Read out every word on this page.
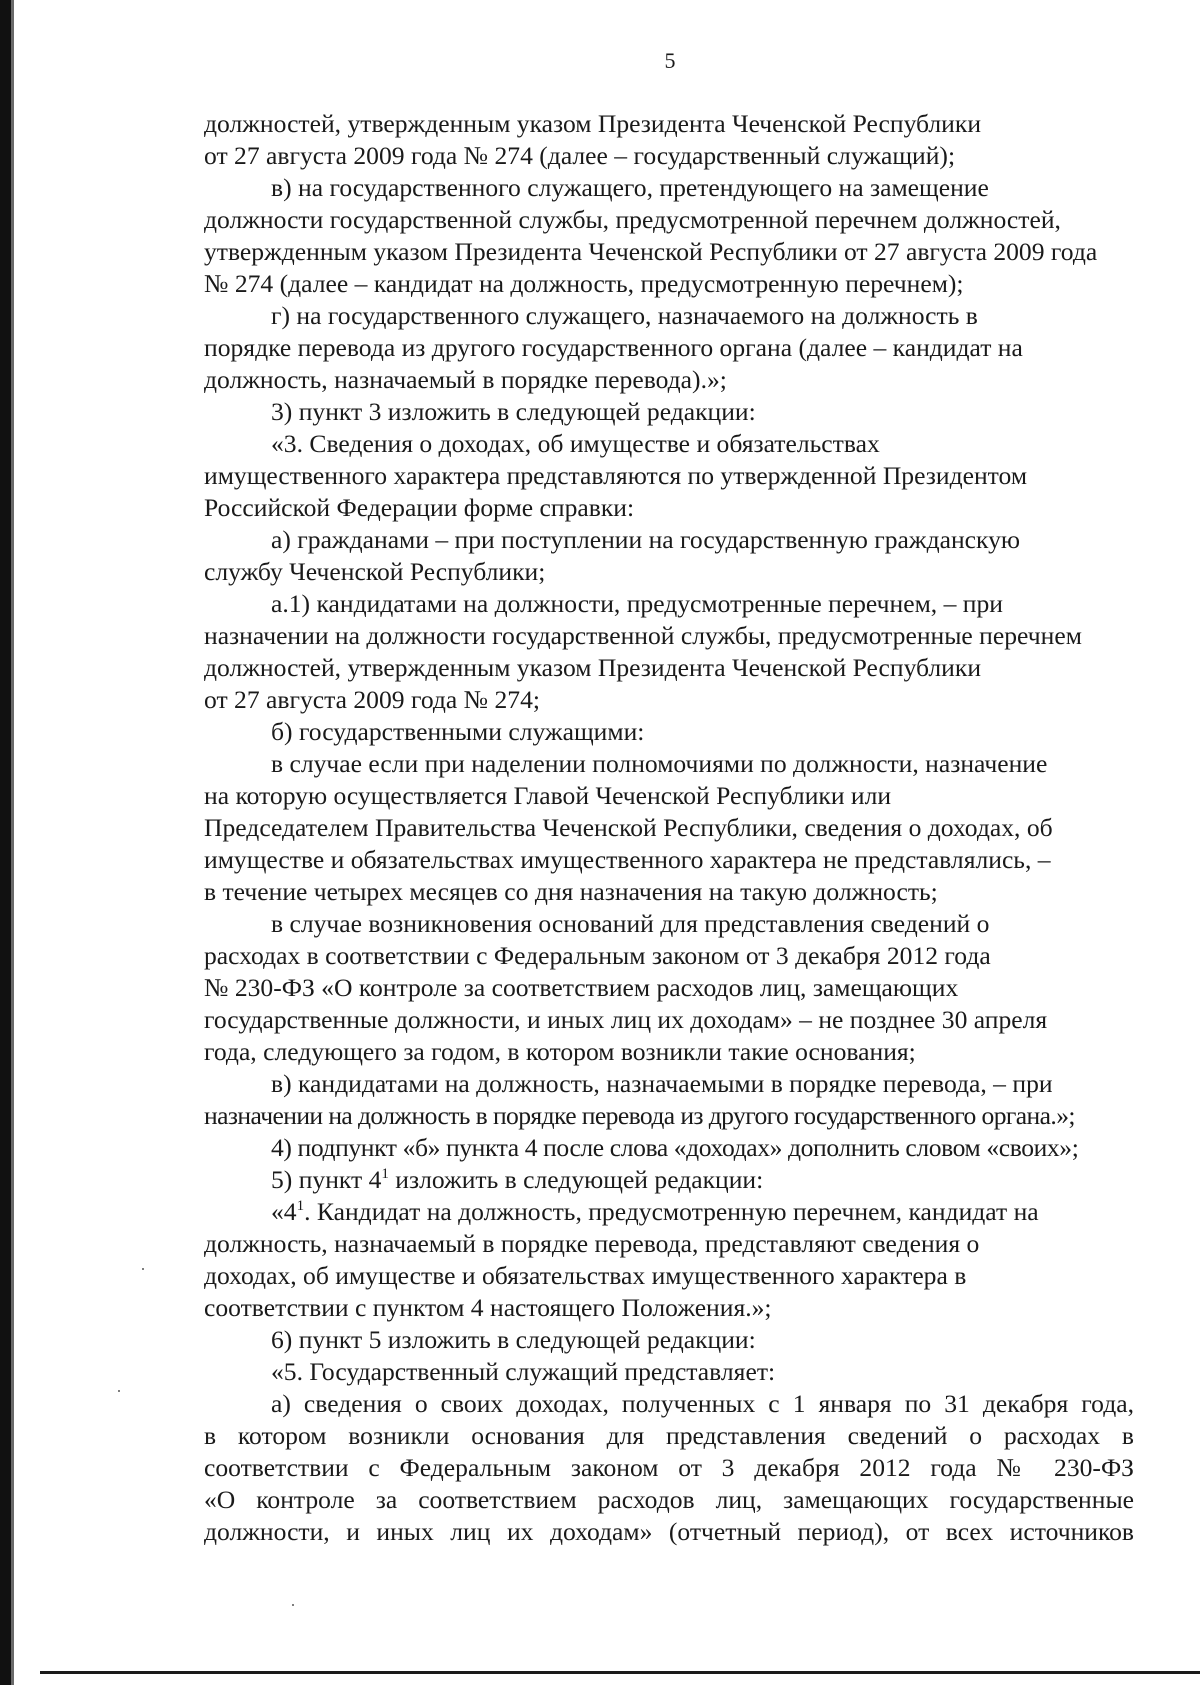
5

должностей, утвержденным указом Президента Чеченской Республики
от 27 августа 2009 года № 274 (далее – государственный служащий);

в) на государственного служащего, претендующего на замещение
должности государственной службы, предусмотренной перечнем должностей,
утвержденным указом Президента Чеченской Республики от 27 августа 2009 года
№ 274 (далее – кандидат на должность, предусмотренную перечнем);

г) на государственного служащего, назначаемого на должность в
порядке перевода из другого государственного органа (далее – кандидат на
должность, назначаемый в порядке перевода).»;

3) пункт 3 изложить в следующей редакции:

«3. Сведения о доходах, об имуществе и обязательствах
имущественного характера представляются по утвержденной Президентом
Российской Федерации форме справки:

а) гражданами – при поступлении на государственную гражданскую
службу Чеченской Республики;

а.1) кандидатами на должности, предусмотренные перечнем, – при
назначении на должности государственной службы, предусмотренные перечнем
должностей, утвержденным указом Президента Чеченской Республики
от 27 августа 2009 года № 274;

б) государственными служащими:

в случае если при наделении полномочиями по должности, назначение
на которую осуществляется Главой Чеченской Республики или
Председателем Правительства Чеченской Республики, сведения о доходах, об
имуществе и обязательствах имущественного характера не представлялись, –
в течение четырех месяцев со дня назначения на такую должность;

в случае возникновения оснований для представления сведений о
расходах в соответствии с Федеральным законом от 3 декабря 2012 года
№ 230-ФЗ «О контроле за соответствием расходов лиц, замещающих
государственные должности, и иных лиц их доходам» – не позднее 30 апреля
года, следующего за годом, в котором возникли такие основания;

в) кандидатами на должность, назначаемыми в порядке перевода, – при
назначении на должность в порядке перевода из другого государственного органа.»;

4) подпункт «б» пункта 4 после слова «доходах» дополнить словом «своих»;

5) пункт $4^1$ изложить в следующей редакции:

«$4^1$. Кандидат на должность, предусмотренную перечнем, кандидат на
должность, назначаемый в порядке перевода, представляют сведения о
доходах, об имуществе и обязательствах имущественного характера в
соответствии с пунктом 4 настоящего Положения.»;

6) пункт 5 изложить в следующей редакции:

«5. Государственный служащий представляет:

а) сведения о своих доходах, полученных с 1 января по 31 декабря года,
в котором возникли основания для представления сведений о расходах в
соответствии с Федеральным законом от 3 декабря 2012 года № 230-ФЗ
«О контроле за соответствием расходов лиц, замещающих государственные
должности, и иных лиц их доходам» (отчетный период), от всех источников
